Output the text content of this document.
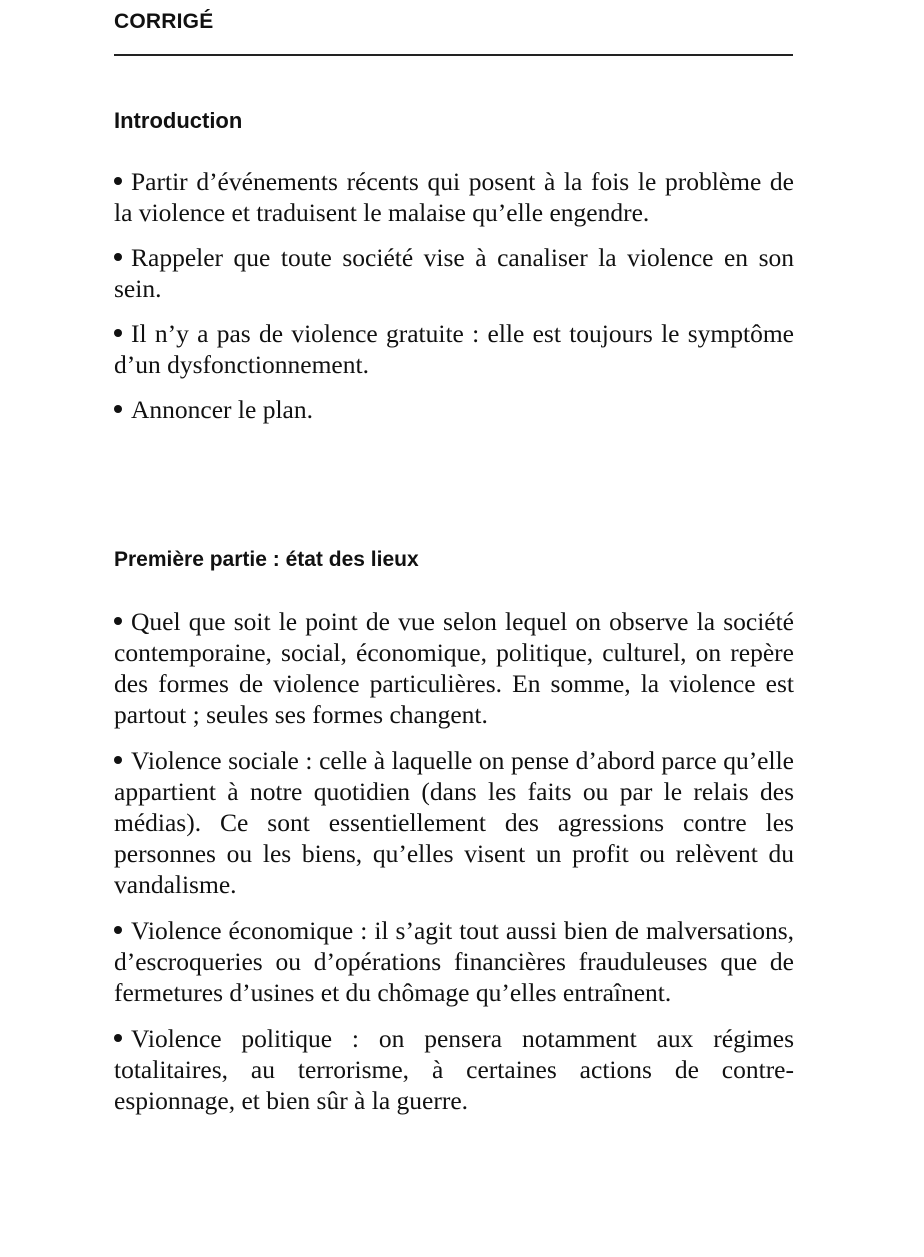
CORRIGÉ
Introduction
Partir d’événements récents qui posent à la fois le problème de la violence et traduisent le malaise qu’elle engendre.
Rappeler que toute société vise à canaliser la violence en son sein.
Il n’y a pas de violence gratuite : elle est toujours le symptôme d’un dysfonctionnement.
Annoncer le plan.
Première partie : état des lieux
Quel que soit le point de vue selon lequel on observe la société contemporaine, social, économique, politique, culturel, on repère des formes de violence particulières. En somme, la violence est partout ; seules ses formes changent.
Violence sociale : celle à laquelle on pense d’abord parce qu’elle appartient à notre quotidien (dans les faits ou par le relais des médias). Ce sont essentiellement des agressions contre les personnes ou les biens, qu’elles visent un profit ou relèvent du vandalisme.
Violence économique : il s’agit tout aussi bien de malversations, d’escroqueries ou d’opérations financières frauduleuses que de fermetures d’usines et du chômage qu’elles entraînent.
Violence politique : on pensera notamment aux régimes totalitaires, au terrorisme, à certaines actions de contre-espionnage, et bien sûr à la guerre.
